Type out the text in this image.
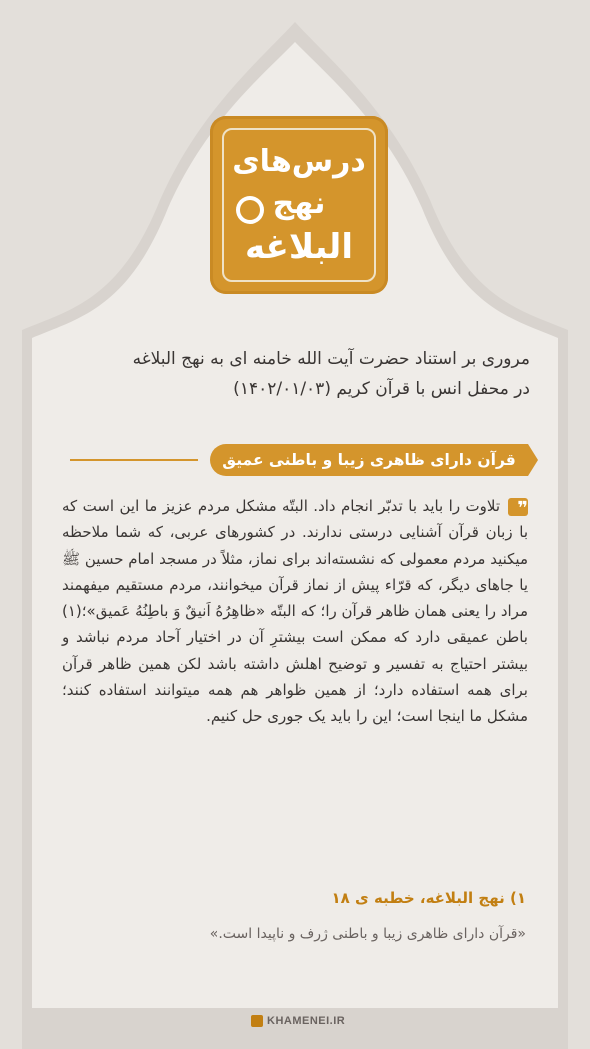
درس‌های
نهج
البلاغه
مروری بر استناد حضرت آیت الله خامنه ای به نهج البلاغه
در محفل انس با قرآن کریم (۱۴۰۲/۰۱/۰۳)
قرآن دارای ظاهری زیبا و باطنی عمیق
❞تلاوت را باید با تدبّر انجام داد. البتّه مشکل مردم عزیز ما این است که با زبان قرآن آشنایی درستی ندارند. در کشورهای عربی، که شما ملاحظه میکنید مردم معمولی که نشسته‌اند برای نماز، مثلاً در مسجد امام حسین ﷺ یا جاهای دیگر، که قرّاء پیش از نماز قرآن میخوانند، مردم مستقیم میفهمند مراد را یعنی همان ظاهر قرآن را؛ که البتّه «ظاهِرُهُ اَنیقٌ وَ باطِنُهُ عَمیق»؛(۱) باطن عمیقی دارد که ممکن است بیشترِ آن در اختیار آحاد مردم نباشد و بیشتر احتیاج به تفسیر و توضیح اهلش داشته باشد لکن همین ظاهر قرآن برای همه استفاده دارد؛ از همین ظواهر هم همه میتوانند استفاده کنند؛ مشکل ما اینجا است؛ این را باید یک جوری حل کنیم.
۱) نهج البلاغه، خطبه ی ۱۸
«قرآن دارای ظاهری زیبا و باطنی ژرف و ناپیدا است.»
KHAMENEI.IR
